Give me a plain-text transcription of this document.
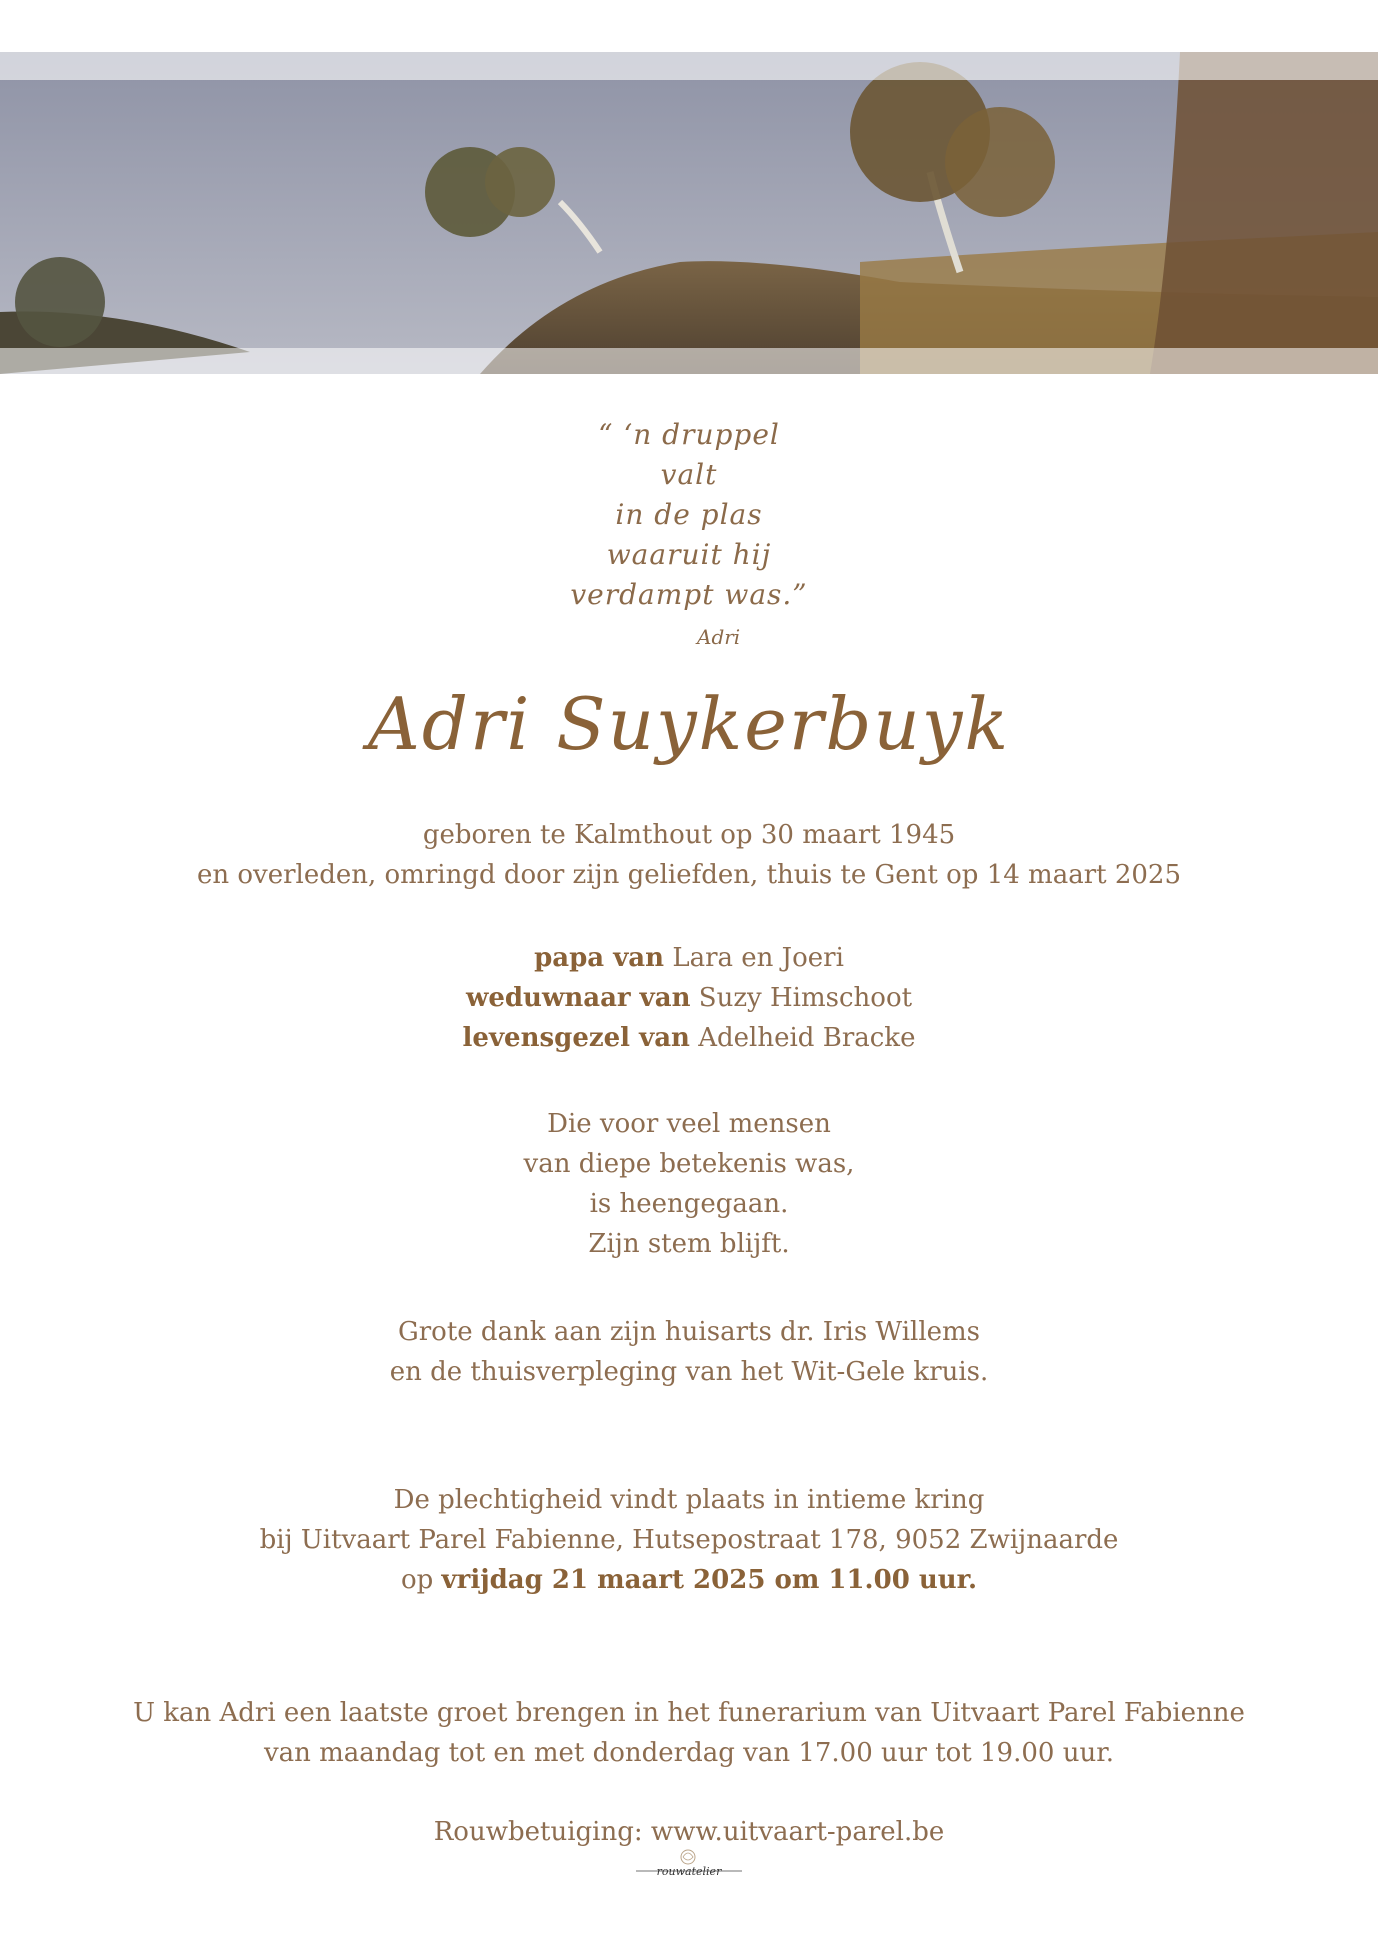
“ ‘n druppel
valt
in de plas
waaruit hij
verdampt was.”
Adri
Adri Suykerbuyk
geboren te Kalmthout op 30 maart 1945
en overleden, omringd door zijn geliefden, thuis te Gent op 14 maart 2025
papa van Lara en Joeri
weduwnaar van Suzy Himschoot
levensgezel van Adelheid Bracke
Die voor veel mensen
van diepe betekenis was,
is heengegaan.
Zijn stem blijft.
Grote dank aan zijn huisarts dr. Iris Willems
en de thuisverpleging van het Wit-Gele kruis.
De plechtigheid vindt plaats in intieme kring
bij Uitvaart Parel Fabienne, Hutsepostraat 178, 9052 Zwijnaarde
op vrijdag 21 maart 2025 om 11.00 uur.
U kan Adri een laatste groet brengen in het funerarium van Uitvaart Parel Fabienne
van maandag tot en met donderdag van 17.00 uur tot 19.00 uur.
Rouwbetuiging: www.uitvaart-parel.be
rouwatelier
